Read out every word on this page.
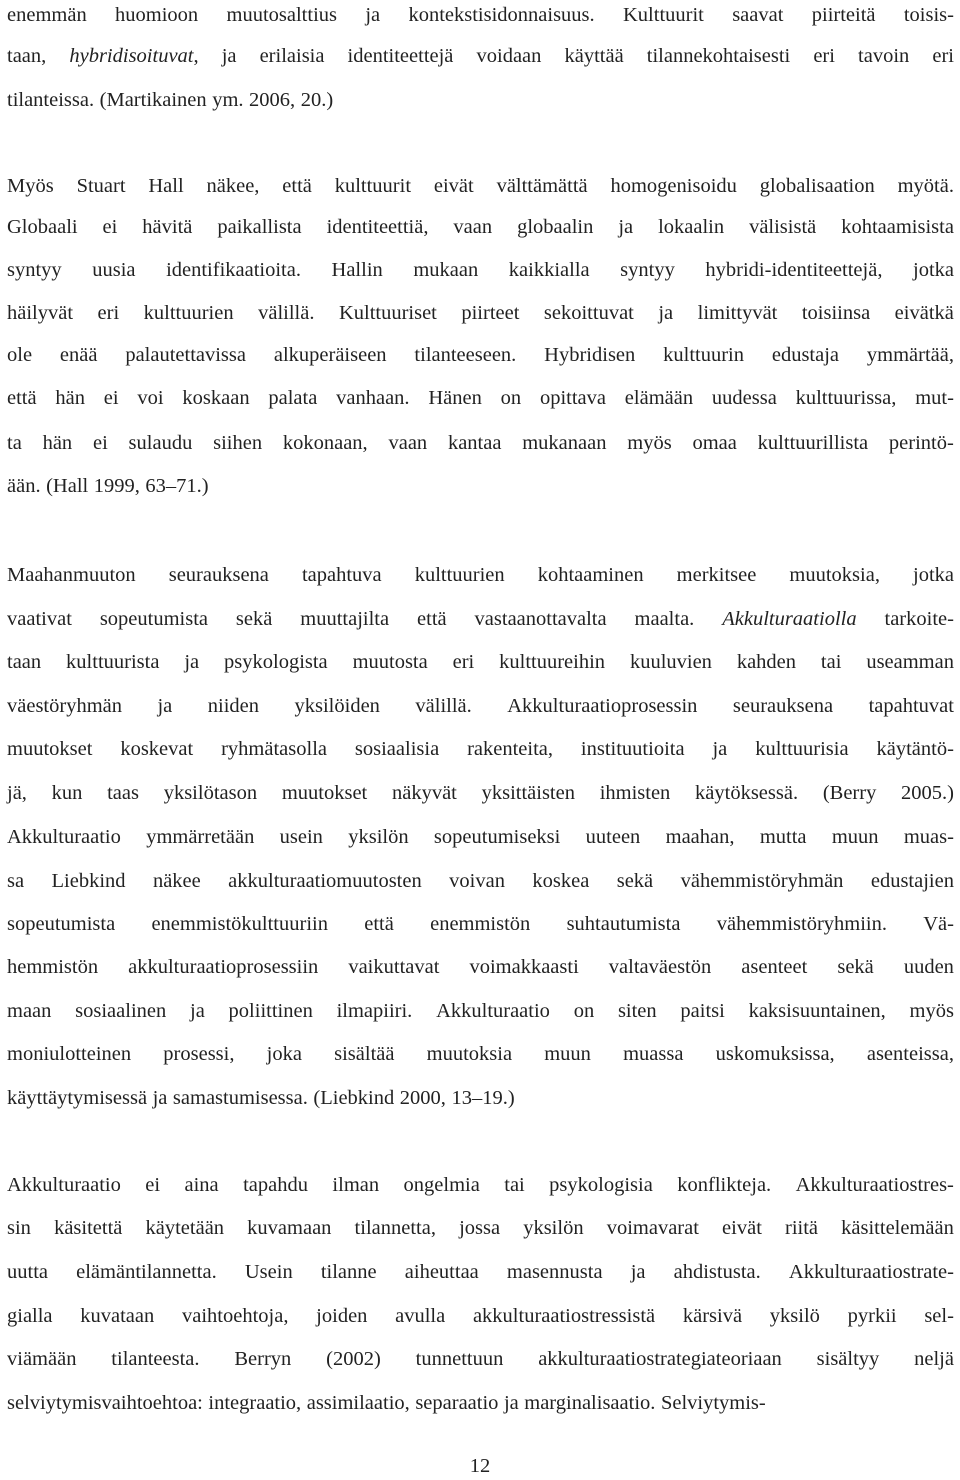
enemmän huomioon muutosalttius ja kontekstisidonnaisuus. Kulttuurit saavat piirteitä toisis-
taan, hybridisoituvat, ja erilaisia identiteettejä voidaan käyttää tilannekohtaisesti eri tavoin eri
tilanteissa. (Martikainen ym. 2006, 20.)
Myös Stuart Hall näkee, että kulttuurit eivät välttämättä homogenisoidu globalisaation myötä.
Globaali ei hävitä paikallista identiteettiä, vaan globaalin ja lokaalin välisistä kohtaamisista
syntyy uusia identifikaatioita. Hallin mukaan kaikkialla syntyy hybridi-identiteettejä, jotka
häilyvät eri kulttuurien välillä. Kulttuuriset piirteet sekoittuvat ja limittyvät toisiinsa eivätkä
ole enää palautettavissa alkuperäiseen tilanteeseen. Hybridisen kulttuurin edustaja ymmärtää,
että hän ei voi koskaan palata vanhaan. Hänen on opittava elämään uudessa kulttuurissa, mut-
ta hän ei sulaudu siihen kokonaan, vaan kantaa mukanaan myös omaa kulttuurillista perintö-
ään. (Hall 1999, 63–71.)
Maahanmuuton seurauksena tapahtuva kulttuurien kohtaaminen merkitsee muutoksia, jotka
vaativat sopeutumista sekä muuttajilta että vastaanottavalta maalta. Akkulturaatiolla tarkoite-
taan kulttuurista ja psykologista muutosta eri kulttuureihin kuuluvien kahden tai useamman
väestöryhmän ja niiden yksilöiden välillä. Akkulturaatioprosessin seurauksena tapahtuvat
muutokset koskevat ryhmätasolla sosiaalisia rakenteita, instituutioita ja kulttuurisia käytäntö-
jä, kun taas yksilötason muutokset näkyvät yksittäisten ihmisten käytöksessä. (Berry 2005.)
Akkulturaatio ymmärretään usein yksilön sopeutumiseksi uuteen maahan, mutta muun muas-
sa Liebkind näkee akkulturaatiomuutosten voivan koskea sekä vähemmistöryhmän edustajien
sopeutumista enemmistökulttuuriin että enemmistön suhtautumista vähemmistöryhmiin. Vä-
hemmistön akkulturaatioprosessiin vaikuttavat voimakkaasti valtaväestön asenteet sekä uuden
maan sosiaalinen ja poliittinen ilmapiiri. Akkulturaatio on siten paitsi kaksisuuntainen, myös
moniulotteinen prosessi, joka sisältää muutoksia muun muassa uskomuksissa, asenteissa,
käyttäytymisessä ja samastumisessa. (Liebkind 2000, 13–19.)
Akkulturaatio ei aina tapahdu ilman ongelmia tai psykologisia konflikteja. Akkulturaatiostres-
sin käsitettä käytetään kuvamaan tilannetta, jossa yksilön voimavarat eivät riitä käsittelemään
uutta elämäntilannetta. Usein tilanne aiheuttaa masennusta ja ahdistusta. Akkulturaatiostrate-
gialla kuvataan vaihtoehtoja, joiden avulla akkulturaatiostressistä kärsivä yksilö pyrkii sel-
viämään tilanteesta. Berryn (2002) tunnettuun akkulturaatiostrategiateoriaan sisältyy neljä
selviytymisvaihtoehtoa: integraatio, assimilaatio, separaatio ja marginalisaatio. Selviytymis-
12
